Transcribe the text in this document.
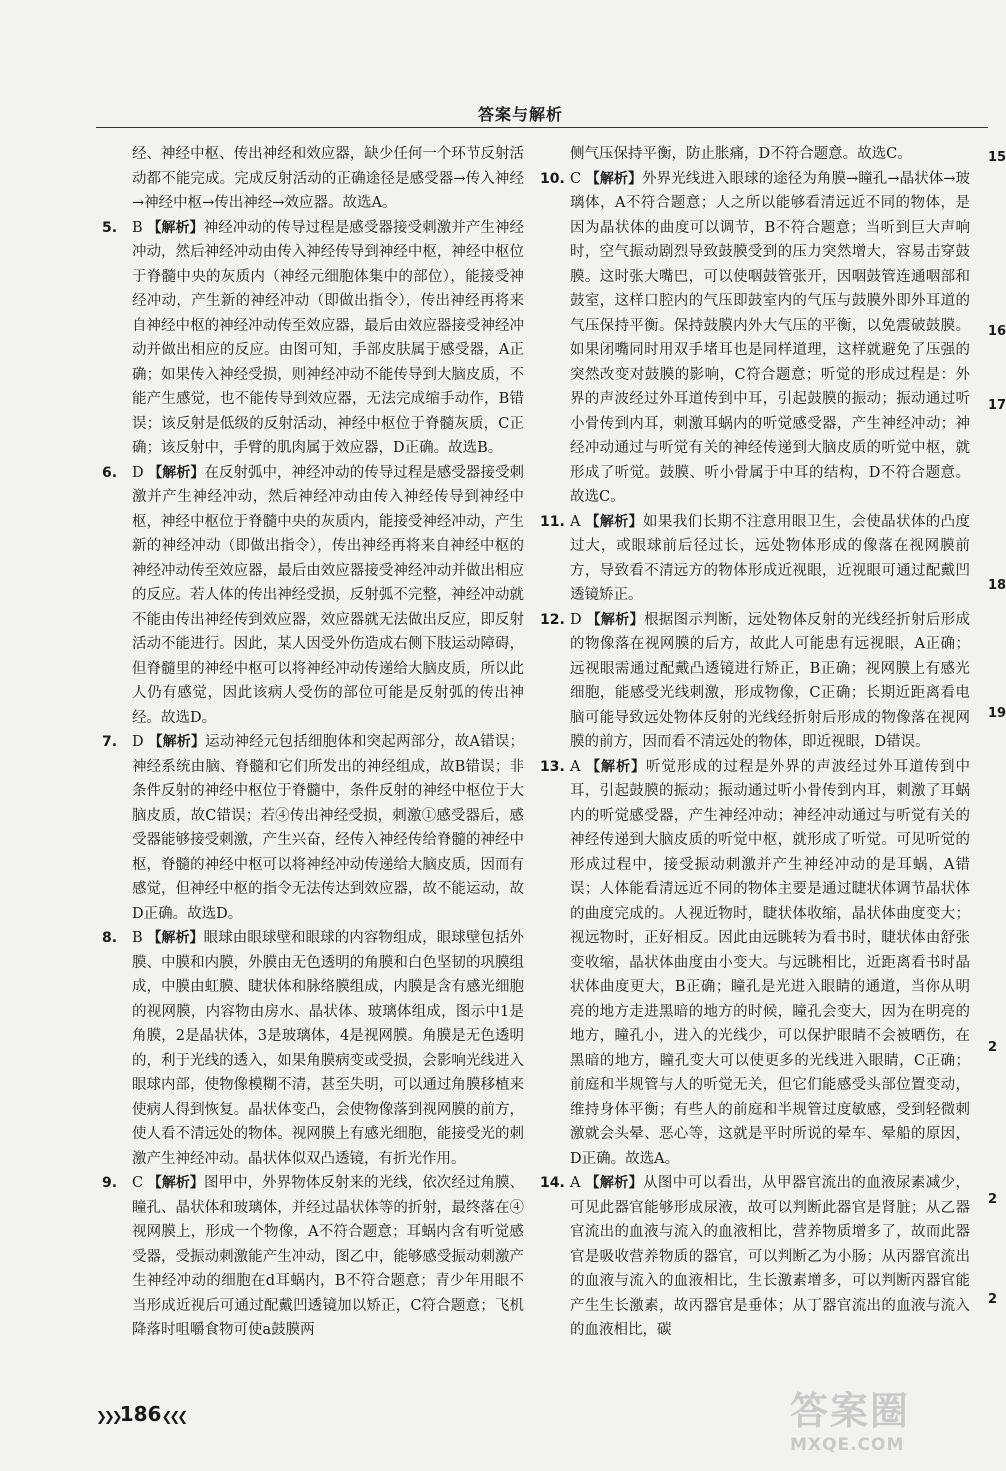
答案与解析

经、神经中枢、传出神经和效应器，缺少任何一个环节反射活动都不能完成。完成反射活动的正确途径是感受器→传入神经→神经中枢→传出神经→效应器。故选A。

5. B 【解析】神经冲动的传导过程是感受器接受刺激并产生神经冲动，然后神经冲动由传入神经传导到神经中枢，神经中枢位于脊髓中央的灰质内（神经元细胞体集中的部位），能接受神经冲动，产生新的神经冲动（即做出指令），传出神经再将来自神经中枢的神经冲动传至效应器，最后由效应器接受神经冲动并做出相应的反应。由图可知，手部皮肤属于感受器，A正确；如果传入神经受损，则神经冲动不能传导到大脑皮质，不能产生感觉，也不能传导到效应器，无法完成缩手动作，B错误；该反射是低级的反射活动，神经中枢位于脊髓灰质，C正确；该反射中，手臂的肌肉属于效应器，D正确。故选B。
6. D 【解析】在反射弧中，神经冲动的传导过程是感受器接受刺激并产生神经冲动，然后神经冲动由传入神经传导到神经中枢，神经中枢位于脊髓中央的灰质内，能接受神经冲动，产生新的神经冲动（即做出指令），传出神经再将来自神经中枢的神经冲动传至效应器，最后由效应器接受神经冲动并做出相应的反应。若人体的传出神经受损，反射弧不完整，神经冲动就不能由传出神经传到效应器，效应器就无法做出反应，即反射活动不能进行。因此，某人因受外伤造成右侧下肢运动障碍，但脊髓里的神经中枢可以将神经冲动传递给大脑皮质，所以此人仍有感觉，因此该病人受伤的部位可能是反射弧的传出神经。故选D。
7. D 【解析】运动神经元包括细胞体和突起两部分，故A错误；神经系统由脑、脊髓和它们所发出的神经组成，故B错误；非条件反射的神经中枢位于脊髓中，条件反射的神经中枢位于大脑皮质，故C错误；若④传出神经受损，刺激①感受器后，感受器能够接受刺激，产生兴奋，经传入神经传给脊髓的神经中枢，脊髓的神经中枢可以将神经冲动传递给大脑皮质，因而有感觉，但神经中枢的指令无法传达到效应器，故不能运动，故D正确。故选D。
8. B 【解析】眼球由眼球壁和眼球的内容物组成，眼球壁包括外膜、中膜和内膜，外膜由无色透明的角膜和白色坚韧的巩膜组成，中膜由虹膜、睫状体和脉络膜组成，内膜是含有感光细胞的视网膜，内容物由房水、晶状体、玻璃体组成，图示中1是角膜，2是晶状体，3是玻璃体，4是视网膜。角膜是无色透明的，利于光线的透入，如果角膜病变或受损，会影响光线进入眼球内部，使物像模糊不清，甚至失明，可以通过角膜移植来使病人得到恢复。晶状体变凸，会使物像落到视网膜的前方，使人看不清远处的物体。视网膜上有感光细胞，能接受光的刺激产生神经冲动。晶状体似双凸透镜，有折光作用。
9. C 【解析】图甲中，外界物体反射来的光线，依次经过角膜、瞳孔、晶状体和玻璃体，并经过晶状体等的折射，最终落在④视网膜上，形成一个物像，A不符合题意；耳蜗内含有听觉感受器，受振动刺激能产生冲动，图乙中，能够感受振动刺激产生神经冲动的细胞在d耳蜗内，B不符合题意；青少年用眼不当形成近视后可通过配戴凹透镜加以矫正，C符合题意；飞机降落时咀嚼食物可使a鼓膜两

侧气压保持平衡，防止胀痛，D不符合题意。故选C。

10. C 【解析】外界光线进入眼球的途径为角膜→瞳孔→晶状体→玻璃体，A不符合题意；人之所以能够看清远近不同的物体，是因为晶状体的曲度可以调节，B不符合题意；当听到巨大声响时，空气振动剧烈导致鼓膜受到的压力突然增大，容易击穿鼓膜。这时张大嘴巴，可以使咽鼓管张开，因咽鼓管连通咽部和鼓室，这样口腔内的气压即鼓室内的气压与鼓膜外即外耳道的气压保持平衡。保持鼓膜内外大气压的平衡，以免震破鼓膜。如果闭嘴同时用双手堵耳也是同样道理，这样就避免了压强的突然改变对鼓膜的影响，C符合题意；听觉的形成过程是：外界的声波经过外耳道传到中耳，引起鼓膜的振动；振动通过听小骨传到内耳，刺激耳蜗内的听觉感受器，产生神经冲动；神经冲动通过与听觉有关的神经传递到大脑皮质的听觉中枢，就形成了听觉。鼓膜、听小骨属于中耳的结构，D不符合题意。故选C。
11. A 【解析】如果我们长期不注意用眼卫生，会使晶状体的凸度过大，或眼球前后径过长，远处物体形成的像落在视网膜前方，导致看不清远方的物体形成近视眼，近视眼可通过配戴凹透镜矫正。
12. D 【解析】根据图示判断，远处物体反射的光线经折射后形成的物像落在视网膜的后方，故此人可能患有远视眼，A正确；远视眼需通过配戴凸透镜进行矫正，B正确；视网膜上有感光细胞，能感受光线刺激，形成物像，C正确；长期近距离看电脑可能导致远处物体反射的光线经折射后形成的物像落在视网膜的前方，因而看不清远处的物体，即近视眼，D错误。
13. A 【解析】听觉形成的过程是外界的声波经过外耳道传到中耳，引起鼓膜的振动；振动通过听小骨传到内耳，刺激了耳蜗内的听觉感受器，产生神经冲动；神经冲动通过与听觉有关的神经传递到大脑皮质的听觉中枢，就形成了听觉。可见听觉的形成过程中，接受振动刺激并产生神经冲动的是耳蜗，A错误；人体能看清远近不同的物体主要是通过睫状体调节晶状体的曲度完成的。人视近物时，睫状体收缩，晶状体曲度变大；视远物时，正好相反。因此由远眺转为看书时，睫状体由舒张变收缩，晶状体曲度由小变大。与远眺相比，近距离看书时晶状体曲度更大，B正确；瞳孔是光进入眼睛的通道，当你从明亮的地方走进黑暗的地方的时候，瞳孔会变大，因为在明亮的地方，瞳孔小，进入的光线少，可以保护眼睛不会被晒伤，在黑暗的地方，瞳孔变大可以使更多的光线进入眼睛，C正确；前庭和半规管与人的听觉无关，但它们能感受头部位置变动，维持身体平衡；有些人的前庭和半规管过度敏感，受到轻微刺激就会头晕、恶心等，这就是平时所说的晕车、晕船的原因，D正确。故选A。
14. A 【解析】从图中可以看出，从甲器官流出的血液尿素减少，可见此器官能够形成尿液，故可以判断此器官是肾脏；从乙器官流出的血液与流入的血液相比，营养物质增多了，故而此器官是吸收营养物质的器官，可以判断乙为小肠；从丙器官流出的血液与流入的血液相比，生长激素增多，可以判断丙器官能产生生长激素，故丙器官是垂体；从丁器官流出的血液与流入的血液相比，碳
❯❯❯186❮❮❮
15
16
17
18
19
2
2
2
答案圈
MXQE.COM
